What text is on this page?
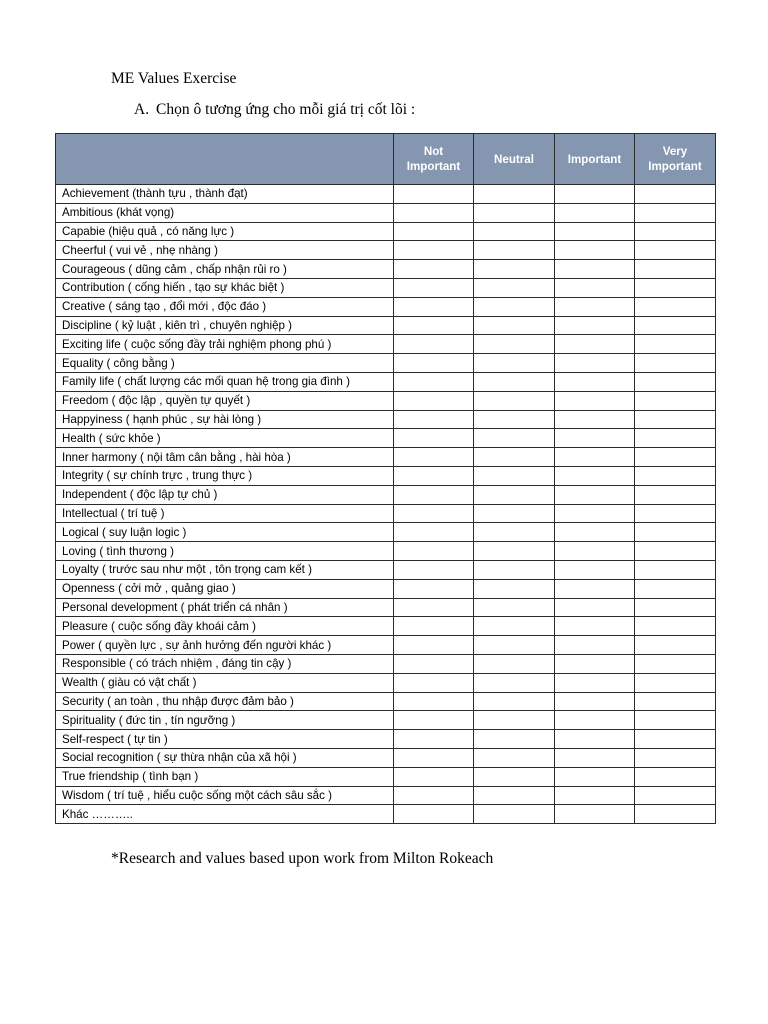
ME Values Exercise
A. Chọn ô tương ứng cho mỗi giá trị cốt lõi :
	Not Important	Neutral	Important	Very Important
Achievement (thành tựu , thành đạt)				
Ambitious (khát vọng)				
Capabie (hiệu quả , có năng lực )				
Cheerful ( vui vẻ , nhẹ nhàng )				
Courageous ( dũng cảm , chấp nhận rủi ro )				
Contribution ( cống hiến , tạo sự khác biệt )				
Creative ( sáng tạo , đổi mới , độc đáo )				
Discipline ( kỷ luật , kiên trì , chuyên nghiệp )				
Exciting life ( cuộc sống đầy trải nghiệm phong phú )				
Equality ( công bằng )				
Family life ( chất lượng các mối quan hệ trong gia đình )				
Freedom ( độc lập , quyền tự quyết )				
Happyiness ( hạnh phúc , sự hài lòng )				
Health ( sức khỏe )				
Inner harmony ( nội tâm cân bằng , hài hòa )				
Integrity ( sự chính trực , trung thực )				
Independent ( độc lập tự chủ )				
Intellectual ( trí tuệ )				
Logical ( suy luận logic )				
Loving ( tình thương )				
Loyalty ( trước sau như một , tôn trọng cam kết )				
Openness ( cởi mở , quảng giao )				
Personal development ( phát triển cá nhân )				
Pleasure ( cuộc sống đầy khoái cảm )				
Power ( quyền lực , sự ảnh hưởng đến người khác )				
Responsible ( có trách nhiệm , đáng tin cậy )				
Wealth ( giàu có vật chất )				
Security ( an toàn , thu nhập được đảm bảo )				
Spirituality ( đức tin , tín ngưỡng )				
Self-respect ( tự tin )				
Social recognition ( sự thừa nhận của xã hội )				
True friendship ( tình bạn )				
Wisdom ( trí tuệ , hiểu cuộc sống một cách sâu sắc )				
Khác ………..				
*Research and values based upon work from Milton Rokeach
